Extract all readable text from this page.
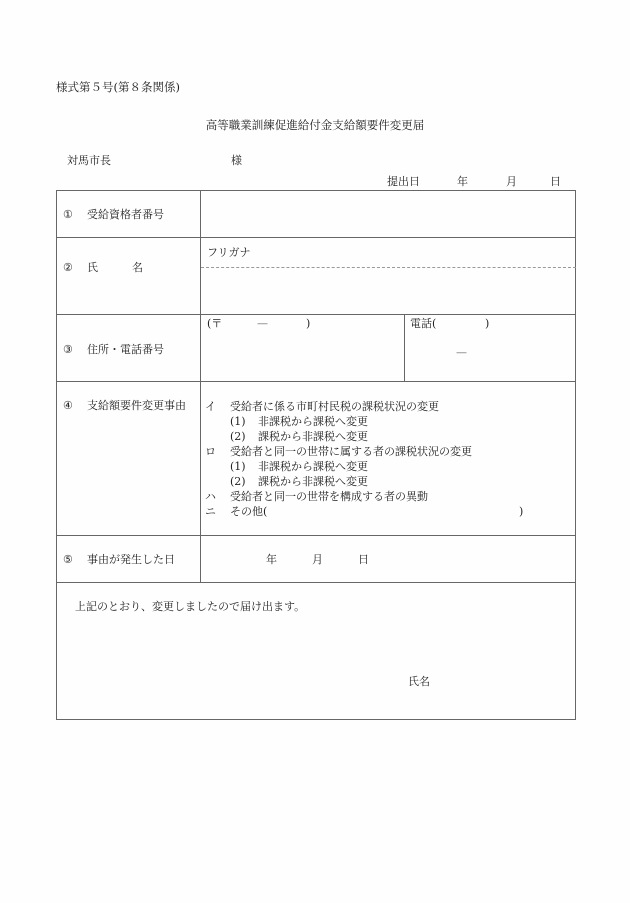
様式第５号(第８条関係)
高等職業訓練促進給付金支給額要件変更届
対馬市長	様
提出日	年	月	日
① 受給資格者番号
② 氏	名
フリガナ
③ 住所・電話番号
(〒	—	)	電話(	)
—
④ 支給額要件変更事由 イ 受給者に係る市町村民税の課税状況の変更
(1) 非課税から課税へ変更
(2) 課税から非課税へ変更
ロ 受給者と同一の世帯に属する者の課税状況の変更
(1) 非課税から課税へ変更
(2) 課税から非課税へ変更
ハ 受給者と同一の世帯を構成する者の異動
ニ その他(	)
⑤ 事由が発生した日	年	月	日
上記のとおり、変更しましたので届け出ます。
氏名
